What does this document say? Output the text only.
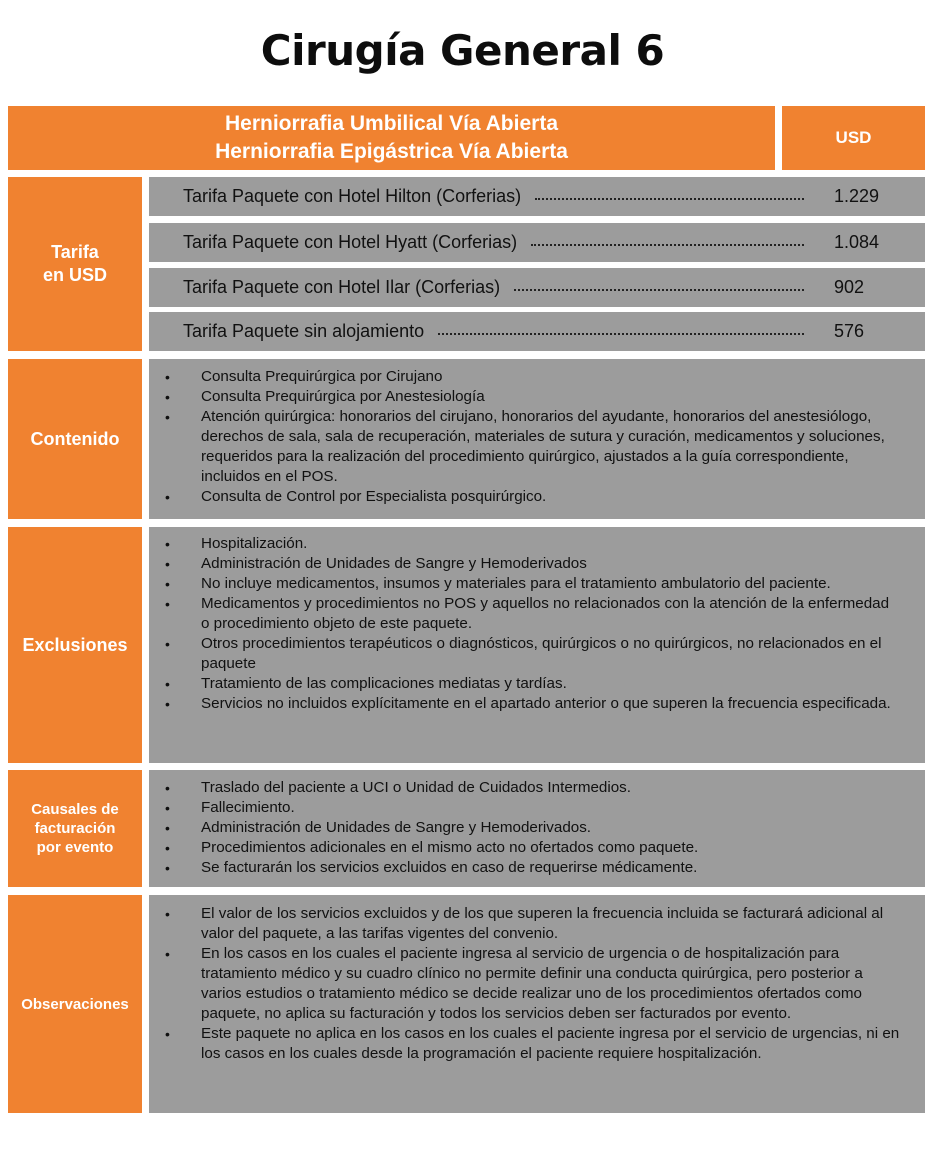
Cirugía General 6
Herniorrafia Umbilical Vía Abierta
Herniorrafia Epigástrica Vía Abierta
USD
Tarifa
en USD
Tarifa Paquete con Hotel Hilton (Corferias)	1.229
Tarifa Paquete con Hotel Hyatt (Corferias)	1.084
Tarifa Paquete con Hotel Ilar (Corferias)	902
Tarifa Paquete sin alojamiento	576
Contenido
• Consulta Prequirúrgica por Cirujano
• Consulta Prequirúrgica por Anestesiología
• Atención quirúrgica: honorarios del cirujano, honorarios del ayudante, honorarios del anestesiólogo, derechos de sala, sala de recuperación, materiales de sutura y curación, medicamentos y soluciones, requeridos para la realización del procedimiento quirúrgico, ajustados a la guía correspondiente, incluidos en el POS.
• Consulta de Control por Especialista posquirúrgico.
Exclusiones
• Hospitalización.
• Administración de Unidades de Sangre y Hemoderivados
• No incluye medicamentos, insumos y materiales para el tratamiento ambulatorio del paciente.
• Medicamentos y procedimientos no POS y aquellos no relacionados con la atención de la enfermedad o procedimiento objeto de este paquete.
• Otros procedimientos terapéuticos o diagnósticos, quirúrgicos o no quirúrgicos, no relacionados en el paquete
• Tratamiento de las complicaciones mediatas y tardías.
• Servicios no incluidos explícitamente en el apartado anterior o que superen la frecuencia especificada.
Causales de
facturación
por evento
• Traslado del paciente a UCI o Unidad de Cuidados Intermedios.
• Fallecimiento.
• Administración de Unidades de Sangre y Hemoderivados.
• Procedimientos adicionales en el mismo acto no ofertados como paquete.
• Se facturarán los servicios excluidos en caso de requerirse médicamente.
Observaciones
• El valor de los servicios excluidos y de los que superen la frecuencia incluida se facturará adicional al valor del paquete, a las tarifas vigentes del convenio.
• En los casos en los cuales el paciente ingresa al servicio de urgencia o de hospitalización para tratamiento médico y su cuadro clínico no permite definir una conducta quirúrgica, pero posterior a varios estudios o tratamiento médico se decide realizar uno de los procedimientos ofertados como paquete, no aplica su facturación y todos los servicios deben ser facturados por evento.
• Este paquete no aplica en los casos en los cuales el paciente ingresa por el servicio de urgencias, ni en los casos en los cuales desde la programación el paciente requiere hospitalización.
